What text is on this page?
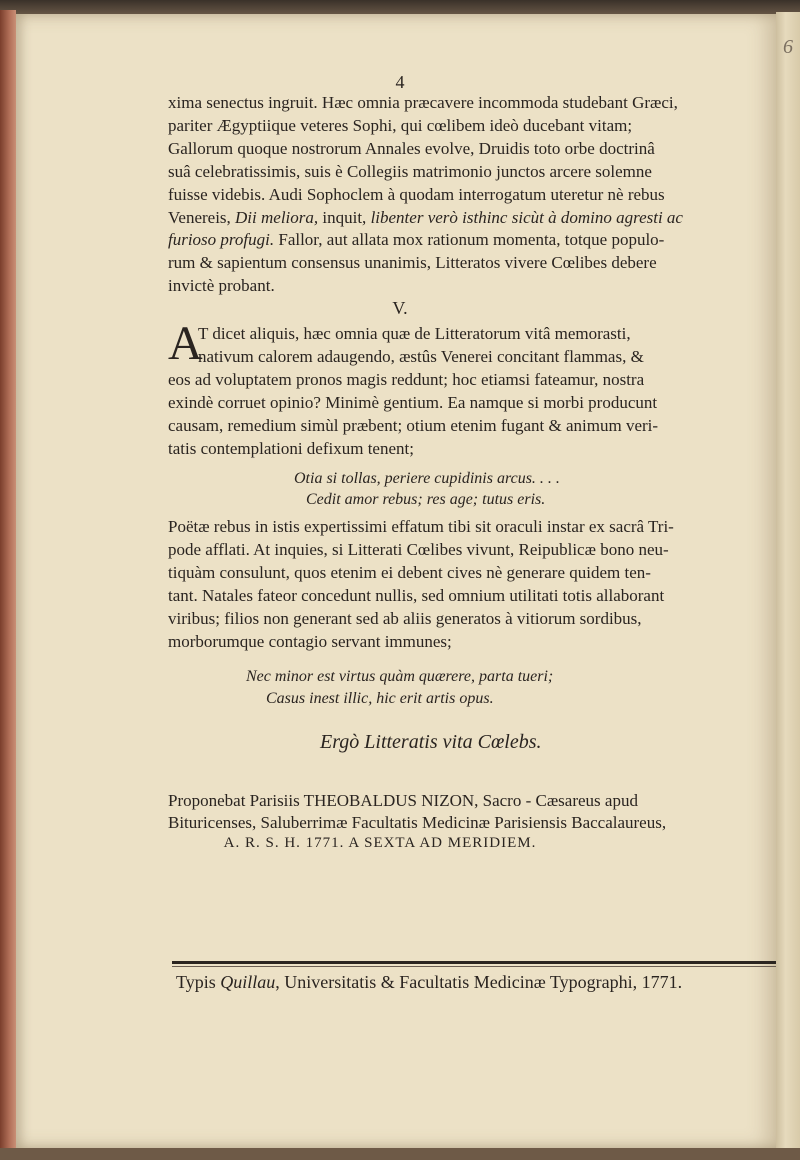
6
4
xima senectus ingruit. Hæc omnia præcavere incommoda studebant Græci,
pariter Ægyptiique veteres Sophi, qui cœlibem ideò ducebant vitam;
Gallorum quoque nostrorum Annales evolve, Druidis toto orbe doctrinâ
suâ celebratissimis, suis è Collegiis matrimonio junctos arcere solemne
fuisse videbis. Audi Sophoclem à quodam interrogatum uteretur nè rebus
Venereis, Dii meliora, inquit, libenter verò isthinc sicùt à domino agresti ac
furioso profugi. Fallor, aut allata mox rationum momenta, totque populo-
rum & sapientum consensus unanimis, Litteratos vivere Cœlibes debere
invictè probant.
V.
A
T dicet aliquis, hæc omnia quæ de Litteratorum vitâ memorasti,
nativum calorem adaugendo, æstûs Venerei concitant flammas, &
eos ad voluptatem pronos magis reddunt; hoc etiamsi fateamur, nostra
exindè corruet opinio? Minimè gentium. Ea namque si morbi producunt
causam, remedium simùl præbent; otium etenim fugant & animum veri-
tatis contemplationi defixum tenent;
Otia si tollas, periere cupidinis arcus. . . .
Cedit amor rebus; res age; tutus eris.
Poëtæ rebus in istis expertissimi effatum tibi sit oraculi instar ex sacrâ Tri-
pode afflati. At inquies, si Litterati Cœlibes vivunt, Reipublicæ bono neu-
tiquàm consulunt, quos etenim ei debent cives nè generare quidem ten-
tant. Natales fateor concedunt nullis, sed omnium utilitati totis allaborant
viribus; filios non generant sed ab aliis generatos à vitiorum sordibus,
morborumque contagio servant immunes;
Nec minor est virtus quàm quærere, parta tueri;
Casus inest illic, hic erit artis opus.
Ergò Litteratis vita Cœlebs.
Proponebat Parisiis THEOBALDUS NIZON, Sacro - Cæsareus apud
Bituricenses, Saluberrimæ Facultatis Medicinæ Parisiensis Baccalaureus,
A. R. S. H. 1771. A SEXTA AD MERIDIEM.
Typis Quillau, Universitatis & Facultatis Medicinæ Typographi, 1771.
